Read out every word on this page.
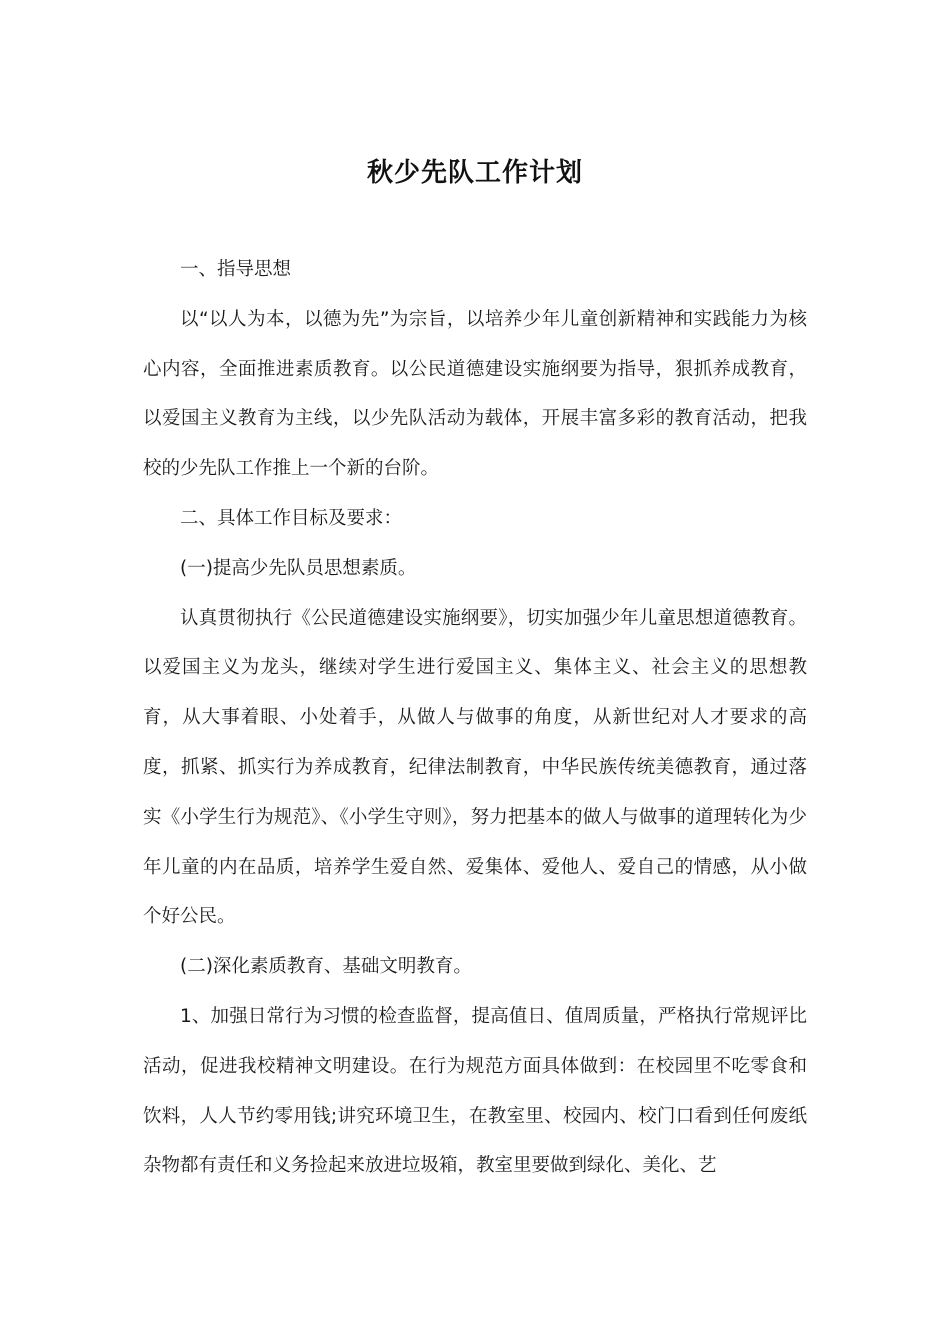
秋少先队工作计划

一、指导思想

以“以人为本，以德为先”为宗旨，以培养少年儿童创新精神和实践能力为核心内容，全面推进素质教育。以公民道德建设实施纲要为指导，狠抓养成教育，以爱国主义教育为主线，以少先队活动为载体，开展丰富多彩的教育活动，把我校的少先队工作推上一个新的台阶。

二、具体工作目标及要求：

(一)提高少先队员思想素质。

认真贯彻执行《公民道德建设实施纲要》，切实加强少年儿童思想道德教育。以爱国主义为龙头，继续对学生进行爱国主义、集体主义、社会主义的思想教育，从大事着眼、小处着手，从做人与做事的角度，从新世纪对人才要求的高度，抓紧、抓实行为养成教育，纪律法制教育，中华民族传统美德教育，通过落实《小学生行为规范》、《小学生守则》，努力把基本的做人与做事的道理转化为少年儿童的内在品质，培养学生爱自然、爱集体、爱他人、爱自己的情感，从小做个好公民。

(二)深化素质教育、基础文明教育。

1、加强日常行为习惯的检查监督，提高值日、值周质量，严格执行常规评比活动，促进我校精神文明建设。在行为规范方面具体做到：在校园里不吃零食和饮料，人人节约零用钱;讲究环境卫生，在教室里、校园内、校门口看到任何废纸杂物都有责任和义务捡起来放进垃圾箱，教室里要做到绿化、美化、艺
